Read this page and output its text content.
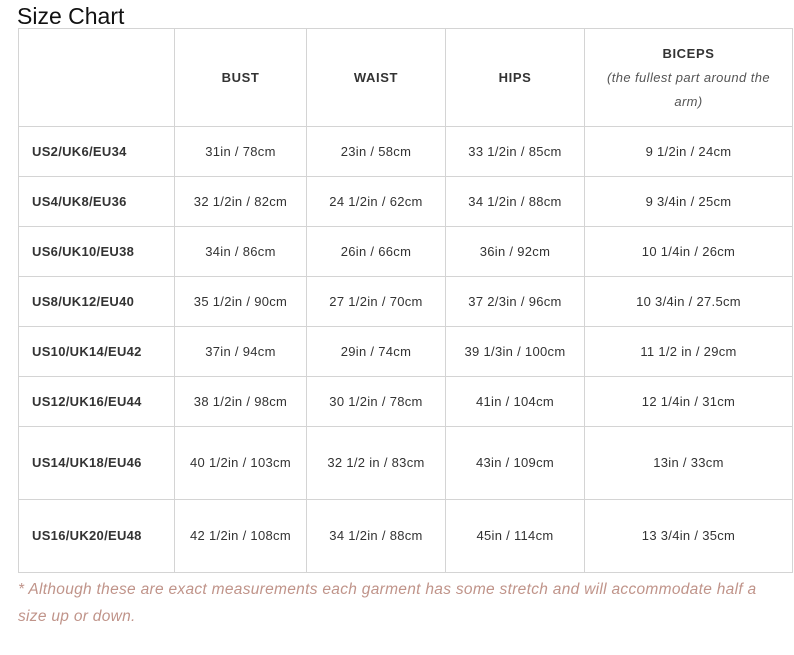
Size Chart
	BUST	WAIST	HIPS	BICEPS
(the fullest part around the arm)

US2/UK6/EU34	31in / 78cm	23in / 58cm	33 1/2in / 85cm	9 1/2in / 24cm
US4/UK8/EU36	32 1/2in / 82cm	24 1/2in / 62cm	34 1/2in / 88cm	9 3/4in / 25cm
US6/UK10/EU38	34in / 86cm	26in / 66cm	36in / 92cm	10 1/4in / 26cm
US8/UK12/EU40	35 1/2in / 90cm	27 1/2in / 70cm	37 2/3in / 96cm	10 3/4in / 27.5cm
US10/UK14/EU42	37in / 94cm	29in / 74cm	39 1/3in / 100cm	11 1/2 in / 29cm
US12/UK16/EU44	38 1/2in / 98cm	30 1/2in / 78cm	41in / 104cm	12 1/4in / 31cm
US14/UK18/EU46	40 1/2in / 103cm	32 1/2 in / 83cm	43in / 109cm	13in / 33cm
US16/UK20/EU48	42 1/2in / 108cm	34 1/2in / 88cm	45in / 114cm	13 3/4in / 35cm

* Although these are exact measurements each garment has some stretch and will accommodate half a size up or down.
